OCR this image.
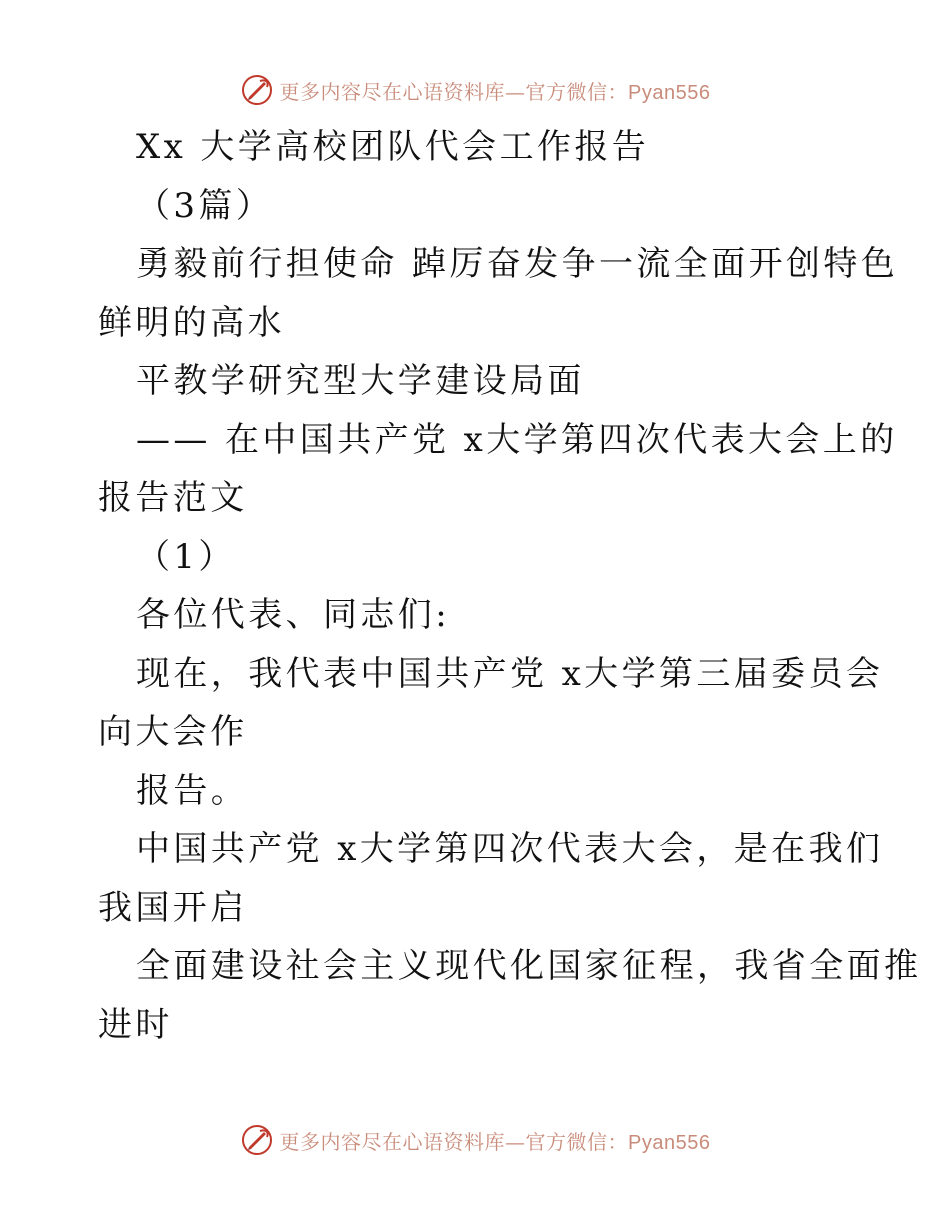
更多内容尽在心语资料库—官方微信：Pyan556
Xx 大学高校团队代会工作报告
（3篇）
勇毅前行担使命 踔厉奋发争一流全面开创特色
鲜明的高水
平教学研究型大学建设局面
—— 在中国共产党 x大学第四次代表大会上的
报告范文
（1）
各位代表、同志们:
现在，我代表中国共产党 x大学第三届委员会
向大会作
报告。
中国共产党 x大学第四次代表大会，是在我们
我国开启
全面建设社会主义现代化国家征程，我省全面推
进时
更多内容尽在心语资料库—官方微信：Pyan556
